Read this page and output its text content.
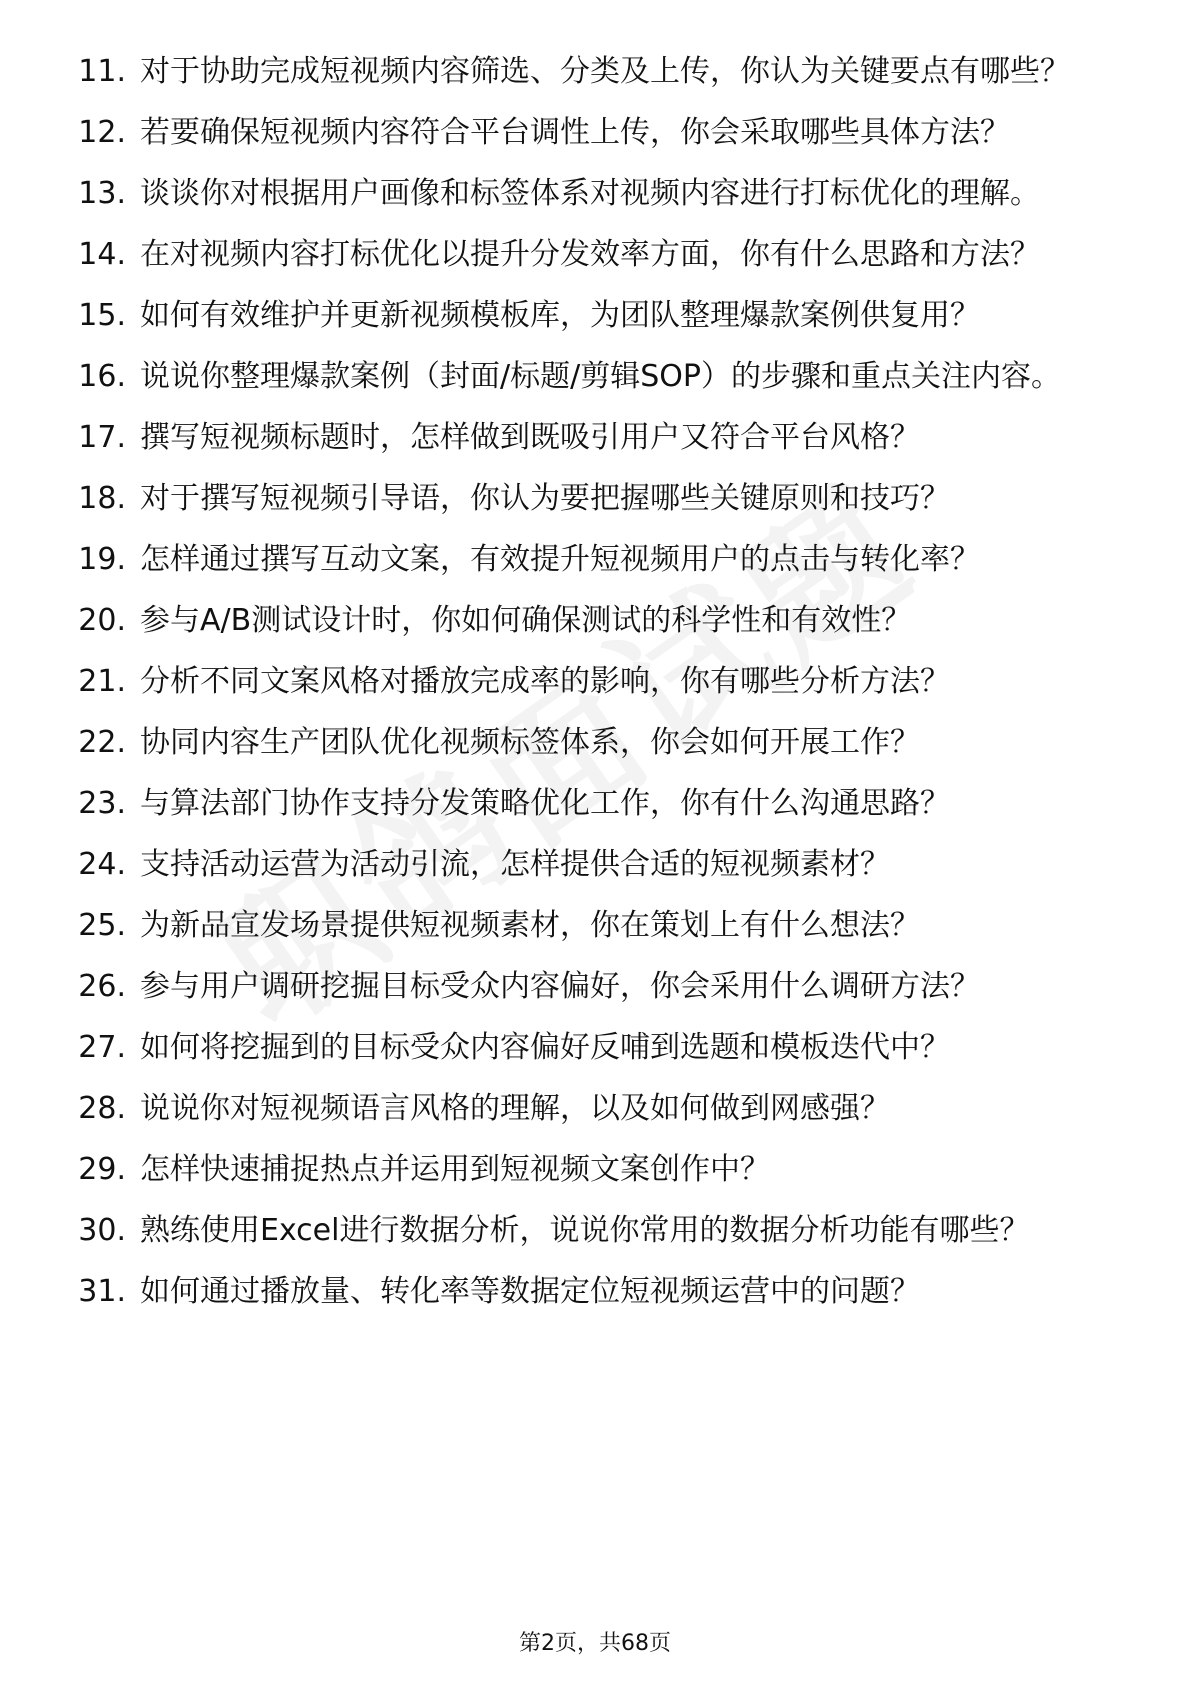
11. 对于协助完成短视频内容筛选、分类及上传，你认为关键要点有哪些？
12. 若要确保短视频内容符合平台调性上传，你会采取哪些具体方法？
13. 谈谈你对根据用户画像和标签体系对视频内容进行打标优化的理解。
14. 在对视频内容打标优化以提升分发效率方面，你有什么思路和方法？
15. 如何有效维护并更新视频模板库，为团队整理爆款案例供复用？
16. 说说你整理爆款案例（封面/标题/剪辑SOP）的步骤和重点关注内容。
17. 撰写短视频标题时，怎样做到既吸引用户又符合平台风格？
18. 对于撰写短视频引导语，你认为要把握哪些关键原则和技巧？
19. 怎样通过撰写互动文案，有效提升短视频用户的点击与转化率？
20. 参与A/B测试设计时，你如何确保测试的科学性和有效性？
21. 分析不同文案风格对播放完成率的影响，你有哪些分析方法？
22. 协同内容生产团队优化视频标签体系，你会如何开展工作？
23. 与算法部门协作支持分发策略优化工作，你有什么沟通思路？
24. 支持活动运营为活动引流，怎样提供合适的短视频素材？
25. 为新品宣发场景提供短视频素材，你在策划上有什么想法？
26. 参与用户调研挖掘目标受众内容偏好，你会采用什么调研方法？
27. 如何将挖掘到的目标受众内容偏好反哺到选题和模板迭代中？
28. 说说你对短视频语言风格的理解，以及如何做到网感强？
29. 怎样快速捕捉热点并运用到短视频文案创作中？
30. 熟练使用Excel进行数据分析，说说你常用的数据分析功能有哪些？
31. 如何通过播放量、转化率等数据定位短视频运营中的问题？
第2页，共68页
